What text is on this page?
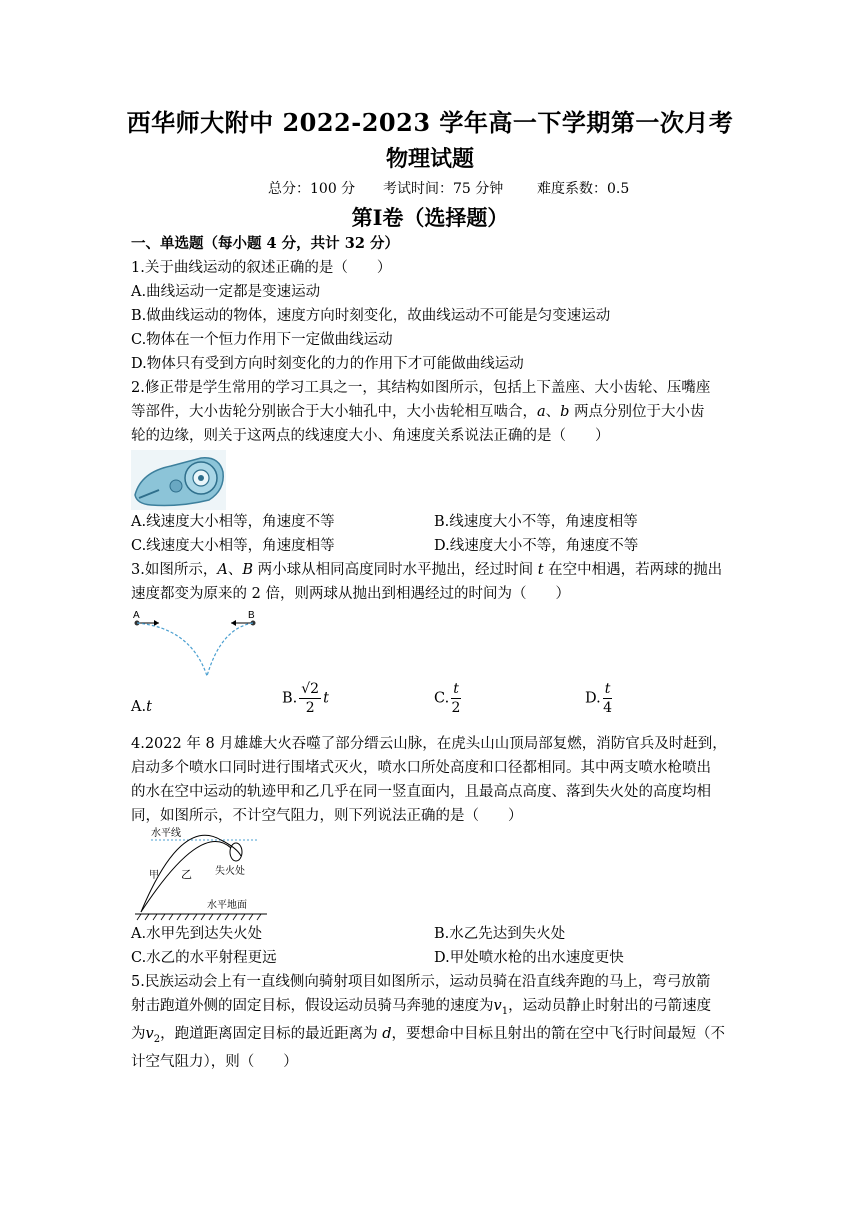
西华师大附中 2022-2023 学年高一下学期第一次月考
物理试题
总分：100 分 考试时间：75 分钟 难度系数：0.5
第Ⅰ卷（选择题）
一、单选题（每小题 4 分，共计 32 分）
1.关于曲线运动的叙述正确的是（　　）
A.曲线运动一定都是变速运动
B.做曲线运动的物体，速度方向时刻变化，故曲线运动不可能是匀变速运动
C.物体在一个恒力作用下一定做曲线运动
D.物体只有受到方向时刻变化的力的作用下才可能做曲线运动
2.修正带是学生常用的学习工具之一，其结构如图所示，包括上下盖座、大小齿轮、压嘴座
等部件，大小齿轮分别嵌合于大小轴孔中，大小齿轮相互啮合，a、b 两点分别位于大小齿
轮的边缘，则关于这两点的线速度大小、角速度关系说法正确的是（　　）
A.线速度大小相等，角速度不等	B.线速度大小不等，角速度相等
C.线速度大小相等，角速度相等	D.线速度大小不等，角速度不等
3.如图所示，A、B 两小球从相同高度同时水平抛出，经过时间 t 在空中相遇，若两球的抛出
速度都变为原来的 2 倍，则两球从抛出到相遇经过的时间为（　　）
A	B
A.t
B. $\frac{√2}{2}$ t	C. $\frac{t}{2}$	D. $\frac{t}{4}$
4.2022 年 8 月雄雄大火吞噬了部分缙云山脉，在虎头山山顶局部复燃，消防官兵及时赶到，
启动多个喷水口同时进行围堵式灭火，喷水口所处高度和口径都相同。其中两支喷水枪喷出
的水在空中运动的轨迹甲和乙几乎在同一竖直面内，且最高点高度、落到失火处的高度均相
同，如图所示，不计空气阻力，则下列说法正确的是（　　）
水平线
甲 乙 失火处
水平地面
A.水甲先到达失火处	B.水乙先达到失火处
C.水乙的水平射程更远	D.甲处喷水枪的出水速度更快
5.民族运动会上有一直线侧向骑射项目如图所示，运动员骑在沿直线奔跑的马上，弯弓放箭
射击跑道外侧的固定目标，假设运动员骑马奔驰的速度为$v_1$，运动员静止时射出的弓箭速度
为$v_2$，跑道距离固定目标的最近距离为 d，要想命中目标且射出的箭在空中飞行时间最短（不
计空气阻力），则（　　）
